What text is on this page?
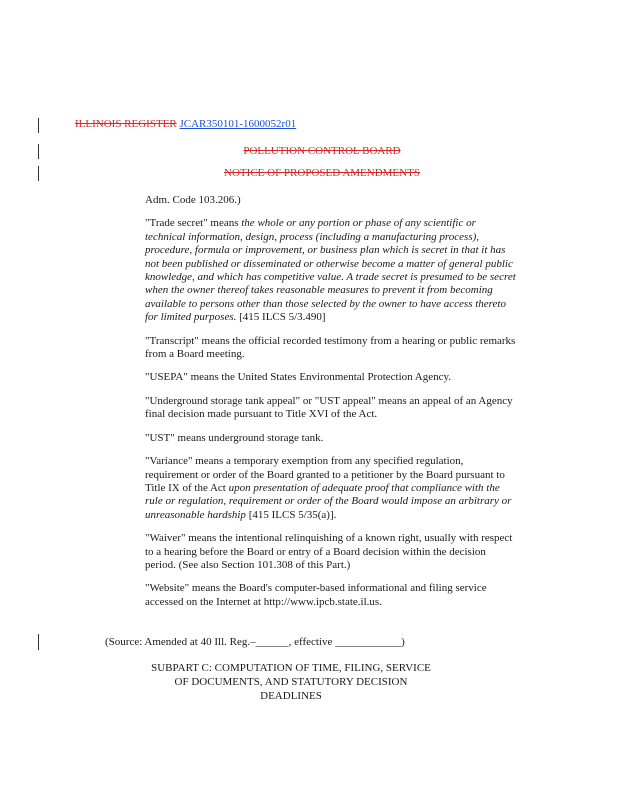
ILLINOIS REGISTER JCAR350101-1600052r01
POLLUTION CONTROL BOARD
NOTICE OF PROPOSED AMENDMENTS

Adm. Code 103.206.)

"Trade secret" means the whole or any portion or phase of any scientific or technical information, design, process (including a manufacturing process), procedure, formula or improvement, or business plan which is secret in that it has not been published or disseminated or otherwise become a matter of general public knowledge, and which has competitive value. A trade secret is presumed to be secret when the owner thereof takes reasonable measures to prevent it from becoming available to persons other than those selected by the owner to have access thereto for limited purposes. [415 ILCS 5/3.490]

"Transcript" means the official recorded testimony from a hearing or public remarks from a Board meeting.

"USEPA" means the United States Environmental Protection Agency.

"Underground storage tank appeal" or "UST appeal" means an appeal of an Agency final decision made pursuant to Title XVI of the Act.

"UST" means underground storage tank.

"Variance" means a temporary exemption from any specified regulation, requirement or order of the Board granted to a petitioner by the Board pursuant to Title IX of the Act upon presentation of adequate proof that compliance with the rule or regulation, requirement or order of the Board would impose an arbitrary or unreasonable hardship [415 ILCS 5/35(a)].

"Waiver" means the intentional relinquishing of a known right, usually with respect to a hearing before the Board or entry of a Board decision within the decision period. (See also Section 101.308 of this Part.)

"Website" means the Board's computer-based informational and filing service accessed on the Internet at http://www.ipcb.state.il.us.

(Source: Amended at 40 Ill. Reg.–______, effective ____________)
SUBPART C: COMPUTATION OF TIME, FILING, SERVICE
OF DOCUMENTS, AND STATUTORY DECISION DEADLINES
